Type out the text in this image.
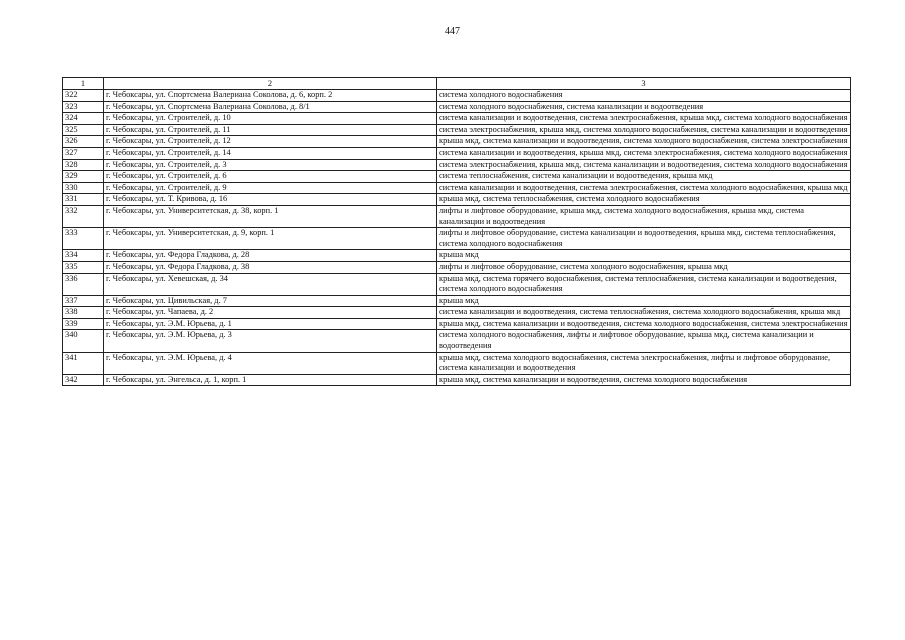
447
1	2	3
322	г. Чебоксары, ул. Спортсмена Валериана Соколова, д. 6, корп. 2	система холодного водоснабжения
323	г. Чебоксары, ул. Спортсмена Валериана Соколова, д. 8/1	система холодного водоснабжения, система канализации и водоотведения
324	г. Чебоксары, ул. Строителей, д. 10	система канализации и водоотведения, система электроснабжения, крыша мкд, система холодного водоснабжения
325	г. Чебоксары, ул. Строителей, д. 11	система электроснабжения, крыша мкд, система холодного водоснабжения, система канализации и водоотведения
326	г. Чебоксары, ул. Строителей, д. 12	крыша мкд, система канализации и водоотведения, система холодного водоснабжения, система электроснабжения
327	г. Чебоксары, ул. Строителей, д. 14	система канализации и водоотведения, крыша мкд, система электроснабжения, система холодного водоснабжения
328	г. Чебоксары, ул. Строителей, д. 3	система электроснабжения, крыша мкд, система канализации и водоотведения, система холодного водоснабжения
329	г. Чебоксары, ул. Строителей, д. 6	система теплоснабжения, система канализации и водоотведения, крыша мкд
330	г. Чебоксары, ул. Строителей, д. 9	система канализации и водоотведения, система электроснабжения, система холодного водоснабжения, крыша мкд
331	г. Чебоксары, ул. Т. Кривова, д. 16	крыша мкд, система теплоснабжения, система холодного водоснабжения
332	г. Чебоксары, ул. Университетская, д. 38, корп. 1	лифты и лифтовое оборудование, крыша мкд, система холодного водоснабжения, крыша мкд, система канализации и водоотведения
333	г. Чебоксары, ул. Университетская, д. 9, корп. 1	лифты и лифтовое оборудование, система канализации и водоотведения, крыша мкд, система теплоснабжения, система холодного водоснабжения
334	г. Чебоксары, ул. Федора Гладкова, д. 28	крыша мкд
335	г. Чебоксары, ул. Федора Гладкова, д. 38	лифты и лифтовое оборудование, система холодного водоснабжения, крыша мкд
336	г. Чебоксары, ул. Хевешская, д. 34	крыша мкд, система горячего водоснабжения, система теплоснабжения, система канализации и водоотведения, система холодного водоснабжения
337	г. Чебоксары, ул. Цивильская, д. 7	крыша мкд
338	г. Чебоксары, ул. Чапаева, д. 2	система канализации и водоотведения, система теплоснабжения, система холодного водоснабжения, крыша мкд
339	г. Чебоксары, ул. Э.М. Юрьева, д. 1	крыша мкд, система канализации и водоотведения, система холодного водоснабжения, система электроснабжения
340	г. Чебоксары, ул. Э.М. Юрьева, д. 3	система холодного водоснабжения, лифты и лифтовое оборудование, крыша мкд, система канализации и водоотведения
341	г. Чебоксары, ул. Э.М. Юрьева, д. 4	крыша мкд, система холодного водоснабжения, система электроснабжения, лифты и лифтовое оборудование, система канализации и водоотведения
342	г. Чебоксары, ул. Энгельса, д. 1, корп. 1	крыша мкд, система канализации и водоотведения, система холодного водоснабжения
